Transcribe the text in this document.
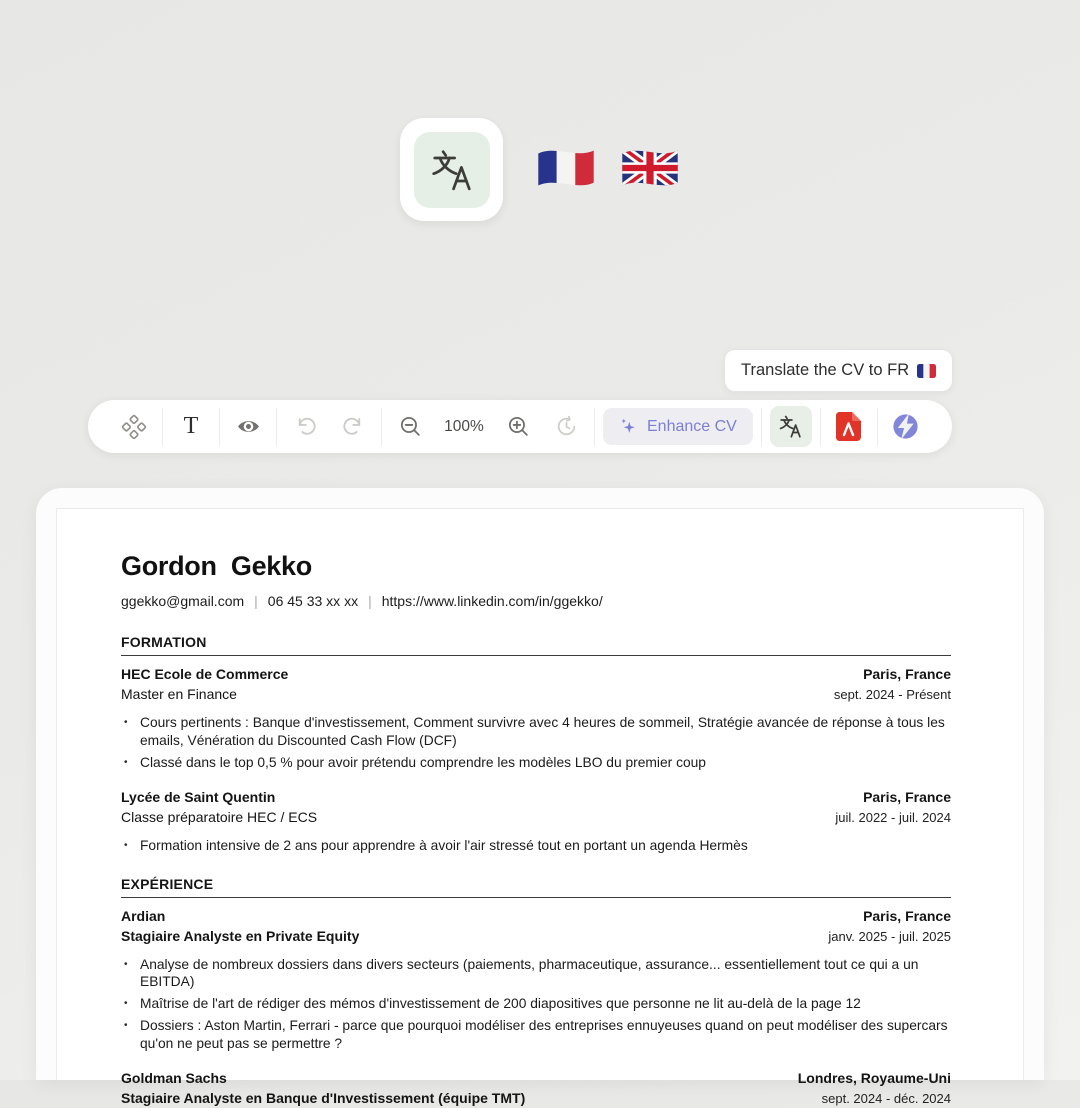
Translate the CV to FR
T	100%	Enhance CV
Gordon Gekko
ggekko@gmail.com | 06 45 33 xx xx | https://www.linkedin.com/in/ggekko/
FORMATION
HEC Ecole de Commerce	Paris, France
Master en Finance	sept. 2024 - Présent
• Cours pertinents : Banque d'investissement, Comment survivre avec 4 heures de sommeil, Stratégie avancée de réponse à tous les emails, Vénération du Discounted Cash Flow (DCF)
• Classé dans le top 0,5 % pour avoir prétendu comprendre les modèles LBO du premier coup
Lycée de Saint Quentin	Paris, France
Classe préparatoire HEC / ECS	juil. 2022 - juil. 2024
• Formation intensive de 2 ans pour apprendre à avoir l'air stressé tout en portant un agenda Hermès
EXPÉRIENCE
Ardian	Paris, France
Stagiaire Analyste en Private Equity	janv. 2025 - juil. 2025
• Analyse de nombreux dossiers dans divers secteurs (paiements, pharmaceutique, assurance... essentiellement tout ce qui a un EBITDA)
• Maîtrise de l'art de rédiger des mémos d'investissement de 200 diapositives que personne ne lit au-delà de la page 12
• Dossiers : Aston Martin, Ferrari - parce que pourquoi modéliser des entreprises ennuyeuses quand on peut modéliser des supercars qu'on ne peut pas se permettre ?
Goldman Sachs	Londres, Royaume-Uni
Stagiaire Analyste en Banque d'Investissement (équipe TMT)	sept. 2024 - déc. 2024
